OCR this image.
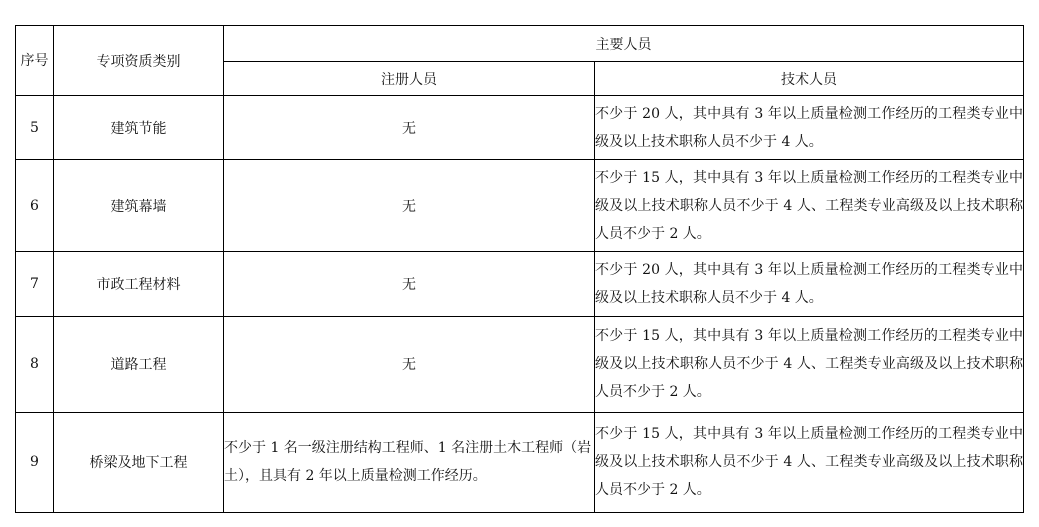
序号	专项资质类别	主要人员	
		注册人员	技术人员
5	建筑节能	无	不少于 20 人，其中具有 3 年以上质量检测工作经历的工程类专业中级及以上技术职称人员不少于 4 人。
6	建筑幕墙	无	不少于 15 人，其中具有 3 年以上质量检测工作经历的工程类专业中级及以上技术职称人员不少于 4 人、工程类专业高级及以上技术职称人员不少于 2 人。
7	市政工程材料	无	不少于 20 人，其中具有 3 年以上质量检测工作经历的工程类专业中级及以上技术职称人员不少于 4 人。
8	道路工程	无	不少于 15 人，其中具有 3 年以上质量检测工作经历的工程类专业中级及以上技术职称人员不少于 4 人、工程类专业高级及以上技术职称人员不少于 2 人。
9	桥梁及地下工程	不少于 1 名一级注册结构工程师、1 名注册土木工程师（岩土），且具有 2 年以上质量检测工作经历。	不少于 15 人，其中具有 3 年以上质量检测工作经历的工程类专业中级及以上技术职称人员不少于 4 人、工程类专业高级及以上技术职称人员不少于 2 人。
